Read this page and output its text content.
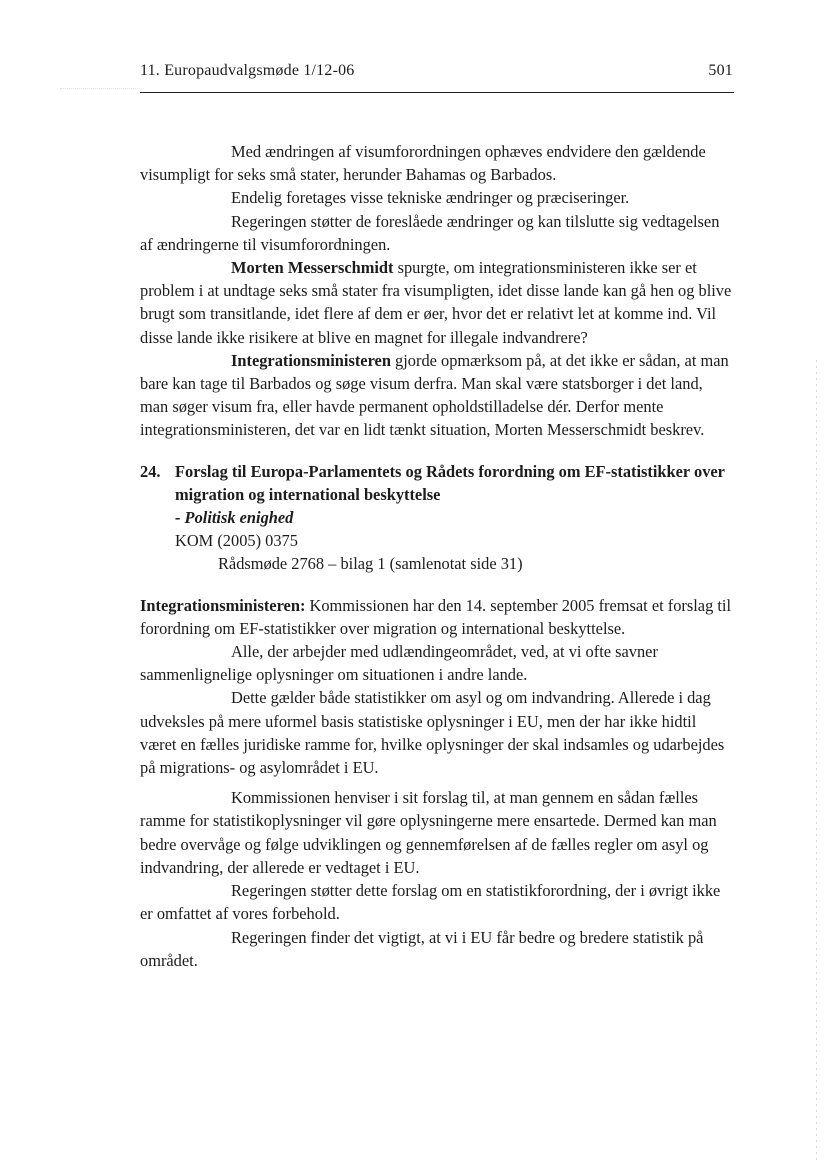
11. Europaudvalgsmøde 1/12-06	501

Med ændringen af visumforordningen ophæves endvidere den gældende visumpligt for seks små stater, herunder Bahamas og Barbados.

Endelig foretages visse tekniske ændringer og præciseringer.

Regeringen støtter de foreslåede ændringer og kan tilslutte sig vedtagelsen af ændringerne til visumforordningen.

Morten Messerschmidt spurgte, om integrationsministeren ikke ser et problem i at undtage seks små stater fra visumpligten, idet disse lande kan gå hen og blive brugt som transitlande, idet flere af dem er øer, hvor det er relativt let at komme ind. Vil disse lande ikke risikere at blive en magnet for illegale indvandrere?

Integrationsministeren gjorde opmærksom på, at det ikke er sådan, at man bare kan tage til Barbados og søge visum derfra. Man skal være statsborger i det land, man søger visum fra, eller havde permanent opholdstilladelse dér. Derfor mente integrationsministeren, det var en lidt tænkt situation, Morten Messerschmidt beskrev.

24. Forslag til Europa-Parlamentets og Rådets forordning om EF-statistikker over migration og international beskyttelse

- Politisk enighed

KOM (2005) 0375

Rådsmøde 2768 – bilag 1 (samlenotat side 31)

Integrationsministeren: Kommissionen har den 14. september 2005 fremsat et forslag til forordning om EF-statistikker over migration og international beskyttelse.

Alle, der arbejder med udlændingeområdet, ved, at vi ofte savner sammenlignelige oplysninger om situationen i andre lande.

Dette gælder både statistikker om asyl og om indvandring. Allerede i dag udveksles på mere uformel basis statistiske oplysninger i EU, men der har ikke hidtil været en fælles juridiske ramme for, hvilke oplysninger der skal indsamles og udarbejdes på migrations- og asylområdet i EU.

Kommissionen henviser i sit forslag til, at man gennem en sådan fælles ramme for statistikoplysninger vil gøre oplysningerne mere ensartede. Dermed kan man bedre overvåge og følge udviklingen og gennemførelsen af de fælles regler om asyl og indvandring, der allerede er vedtaget i EU.

Regeringen støtter dette forslag om en statistikforordning, der i øvrigt ikke er omfattet af vores forbehold.

Regeringen finder det vigtigt, at vi i EU får bedre og bredere statistik på området.
